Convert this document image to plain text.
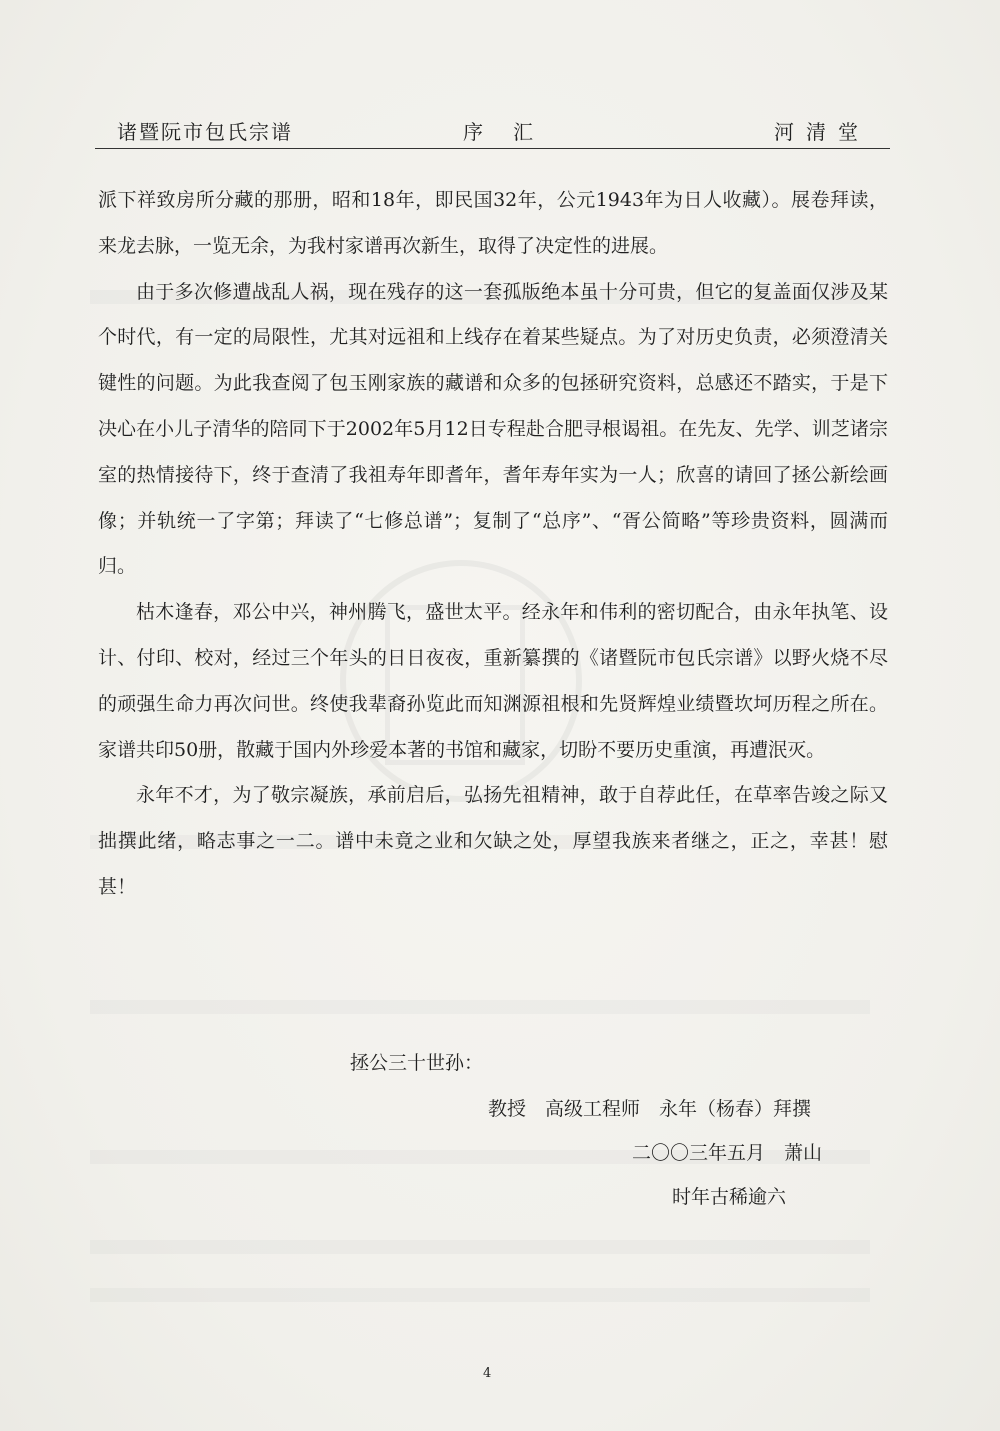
诸暨阮市包氏宗谱	序汇	河清堂

派下祥致房所分藏的那册，昭和18年，即民国32年，公元1943年为日人收藏）。展卷拜读，来龙去脉，一览无余，为我村家谱再次新生，取得了决定性的进展。

由于多次修遭战乱人祸，现在残存的这一套孤版绝本虽十分可贵，但它的复盖面仅涉及某个时代，有一定的局限性，尤其对远祖和上线存在着某些疑点。为了对历史负责，必须澄清关键性的问题。为此我查阅了包玉刚家族的藏谱和众多的包拯研究资料，总感还不踏实，于是下决心在小儿子清华的陪同下于2002年5月12日专程赴合肥寻根谒祖。在先友、先学、训芝诸宗室的热情接待下，终于查清了我祖寿年即耆年，耆年寿年实为一人；欣喜的请回了拯公新绘画像；并轨统一了字第；拜读了“七修总谱”；复制了“总序”、“胥公简略”等珍贵资料，圆满而归。

枯木逢春，邓公中兴，神州腾飞，盛世太平。经永年和伟利的密切配合，由永年执笔、设计、付印、校对，经过三个年头的日日夜夜，重新纂撰的《诸暨阮市包氏宗谱》以野火烧不尽的顽强生命力再次问世。终使我辈裔孙览此而知渊源祖根和先贤辉煌业绩暨坎坷历程之所在。家谱共印50册，散藏于国内外珍爱本著的书馆和藏家，切盼不要历史重演，再遭泯灭。

永年不才，为了敬宗凝族，承前启后，弘扬先祖精神，敢于自荐此任，在草率告竣之际又拙撰此绪，略志事之一二。谱中未竟之业和欠缺之处，厚望我族来者继之，正之，幸甚！慰甚！

拯公三十世孙：
教授　高级工程师　永年（杨春）拜撰
二〇〇三年五月　萧山
时年古稀逾六
4
